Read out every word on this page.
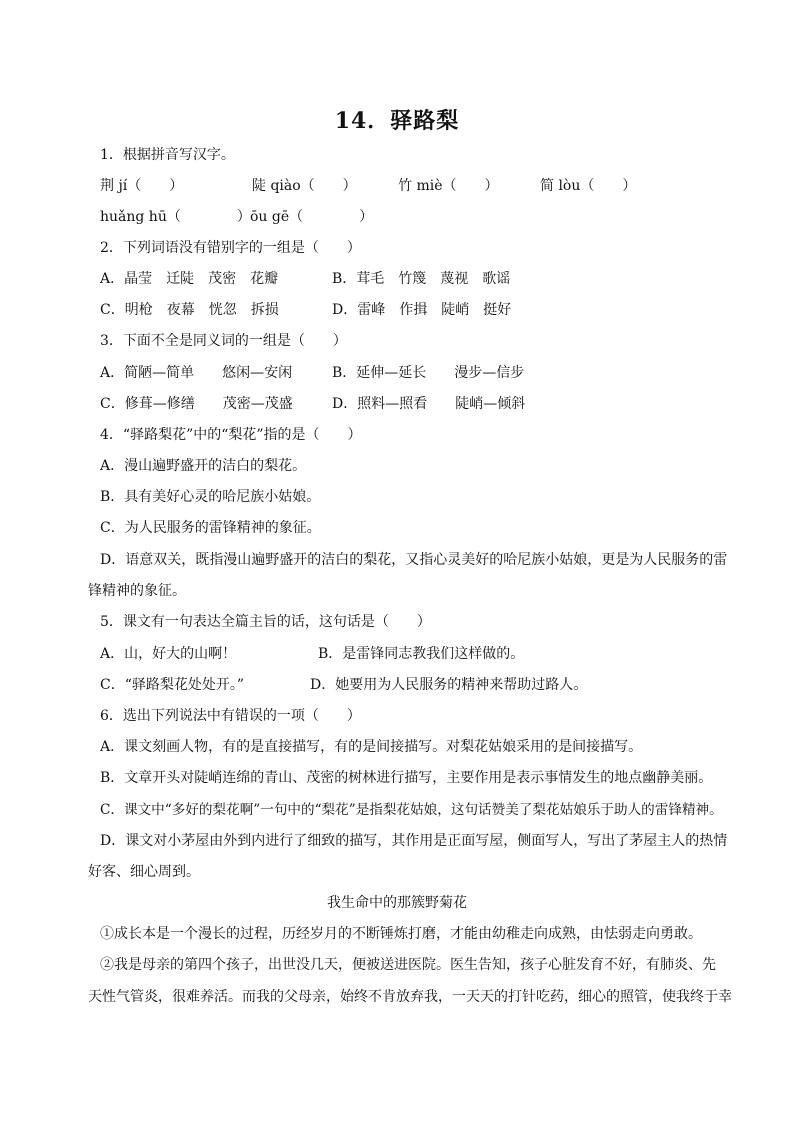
14．驿路梨
1．根据拼音写汉字。
荆 jí（　　）	陡 qiào（　　）	竹 miè（　　）	简 lòu（　　）
huǎng hū（　　　　） ōu gē（　　　　）
2．下列词语没有错别字的一组是（　　）
A．晶莹　迁陡　茂密　花瓣	B．茸毛　竹篾　蔑视　歌谣
C．明枪　夜幕　恍忽　拆损	D．雷峰　作揖　陡峭　挺好
3．下面不全是同义词的一组是（　　）
A．简陋—简单　　悠闲—安闲	B．延伸—延长　　漫步—信步
C．修葺—修缮　　茂密—茂盛	D．照料—照看　　陡峭—倾斜
4．“驿路梨花”中的“梨花”指的是（　　）
A．漫山遍野盛开的洁白的梨花。
B．具有美好心灵的哈尼族小姑娘。
C．为人民服务的雷锋精神的象征。
D．语意双关，既指漫山遍野盛开的洁白的梨花，又指心灵美好的哈尼族小姑娘，更是为人民服务的雷
锋精神的象征。
5．课文有一句表达全篇主旨的话，这句话是（　　）
A．山，好大的山啊！	B．是雷锋同志教我们这样做的。
C．“驿路梨花处处开。”	D．她要用为人民服务的精神来帮助过路人。
6．选出下列说法中有错误的一项（　　）
A．课文刻画人物，有的是直接描写，有的是间接描写。对梨花姑娘采用的是间接描写。
B．文章开头对陡峭连绵的青山、茂密的树林进行描写，主要作用是表示事情发生的地点幽静美丽。
C．课文中“多好的梨花啊”一句中的“梨花”是指梨花姑娘，这句话赞美了梨花姑娘乐于助人的雷锋精神。
D．课文对小茅屋由外到内进行了细致的描写，其作用是正面写屋，侧面写人，写出了茅屋主人的热情
好客、细心周到。
我生命中的那簇野菊花
①成长本是一个漫长的过程，历经岁月的不断锤炼打磨，才能由幼稚走向成熟，由怯弱走向勇敢。
②我是母亲的第四个孩子，出世没几天，便被送进医院。医生告知，孩子心脏发育不好，有肺炎、先
天性气管炎，很难养活。而我的父母亲，始终不肯放弃我，一天天的打针吃药，细心的照管，使我终于幸
